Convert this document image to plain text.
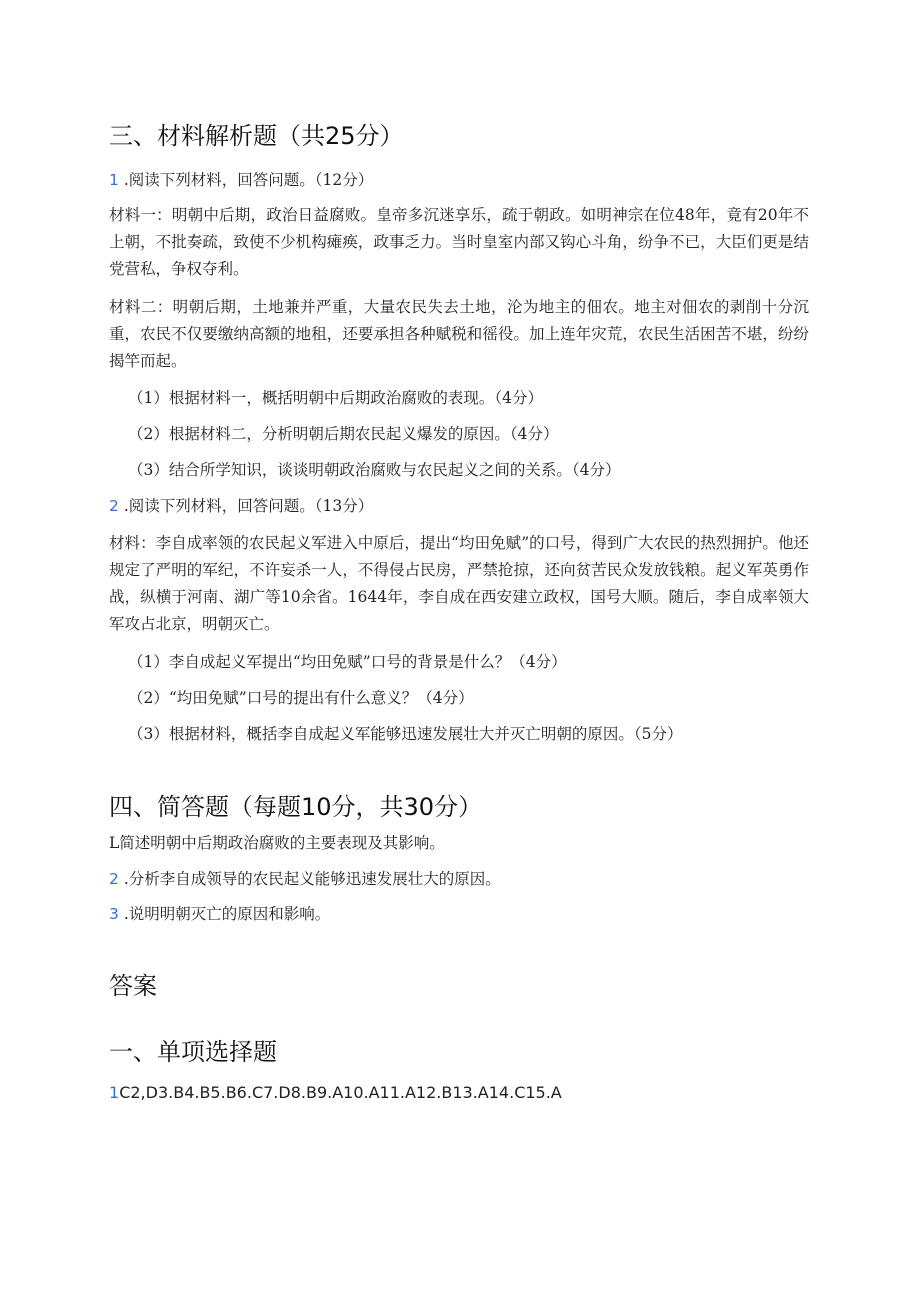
三、材料解析题（共25分）
1 .阅读下列材料，回答问题。（12分）
材料一：明朝中后期，政治日益腐败。皇帝多沉迷享乐，疏于朝政。如明神宗在位48年，竟有20年不上朝，不批奏疏，致使不少机构瘫痪，政事乏力。当时皇室内部又钩心斗角，纷争不已，大臣们更是结党营私，争权夺利。
材料二：明朝后期，土地兼并严重，大量农民失去土地，沦为地主的佃农。地主对佃农的剥削十分沉重，农民不仅要缴纳高额的地租，还要承担各种赋税和徭役。加上连年灾荒，农民生活困苦不堪，纷纷揭竿而起。
（1）根据材料一，概括明朝中后期政治腐败的表现。（4分）
（2）根据材料二，分析明朝后期农民起义爆发的原因。（4分）
（3）结合所学知识，谈谈明朝政治腐败与农民起义之间的关系。（4分）
2 .阅读下列材料，回答问题。（13分）
材料：李自成率领的农民起义军进入中原后，提出“均田免赋”的口号，得到广大农民的热烈拥护。他还规定了严明的军纪，不许妄杀一人，不得侵占民房，严禁抢掠，还向贫苦民众发放钱粮。起义军英勇作战，纵横于河南、湖广等10余省。1644年，李自成在西安建立政权，国号大顺。随后，李自成率领大军攻占北京，明朝灭亡。
（1）李自成起义军提出“均田免赋”口号的背景是什么？（4分）
（2）“均田免赋”口号的提出有什么意义？（4分）
（3）根据材料，概括李自成起义军能够迅速发展壮大并灭亡明朝的原因。（5分）
四、简答题（每题10分，共30分）
L简述明朝中后期政治腐败的主要表现及其影响。
2 .分析李自成领导的农民起义能够迅速发展壮大的原因。
3 .说明明朝灭亡的原因和影响。
答案
一、单项选择题
1C2,D3.B4.B5.B6.C7.D8.B9.A10.A11.A12.B13.A14.C15.A
